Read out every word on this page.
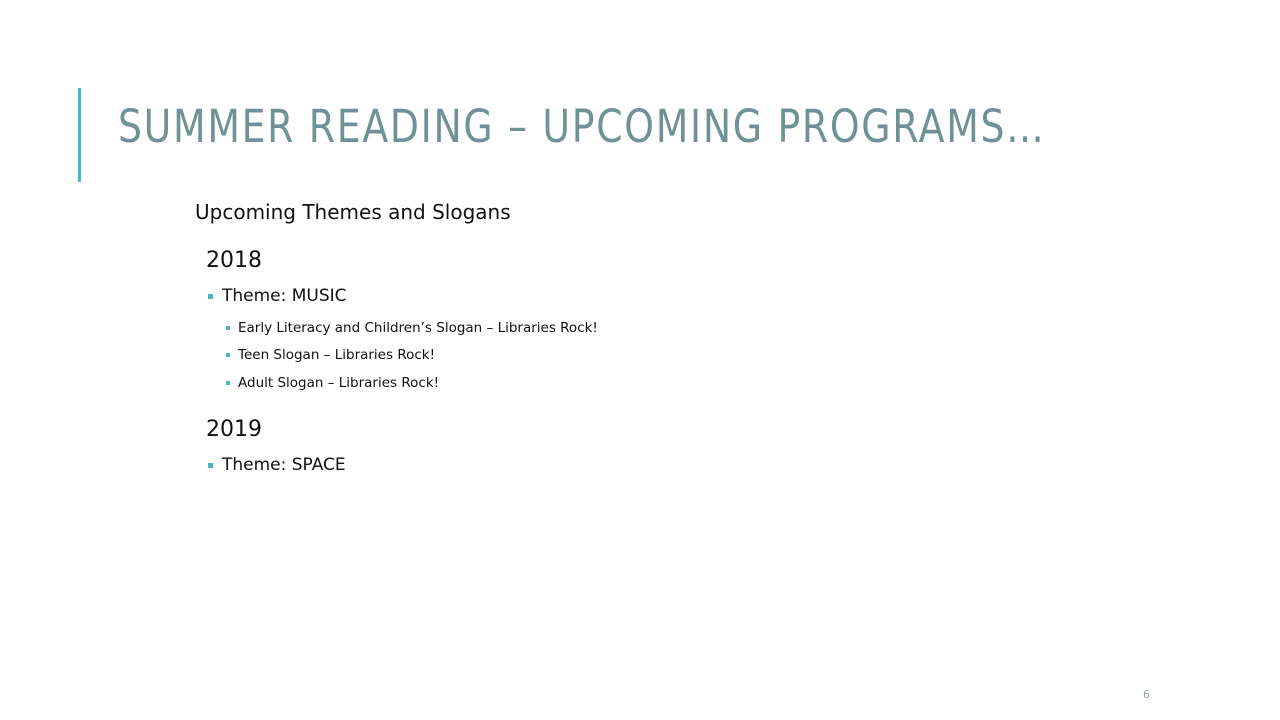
SUMMER READING – UPCOMING PROGRAMS…
Upcoming Themes and Slogans
2018
Theme: MUSIC
Early Literacy and Children’s Slogan – Libraries Rock!
Teen Slogan – Libraries Rock!
Adult Slogan – Libraries Rock!
2019
Theme: SPACE
6
